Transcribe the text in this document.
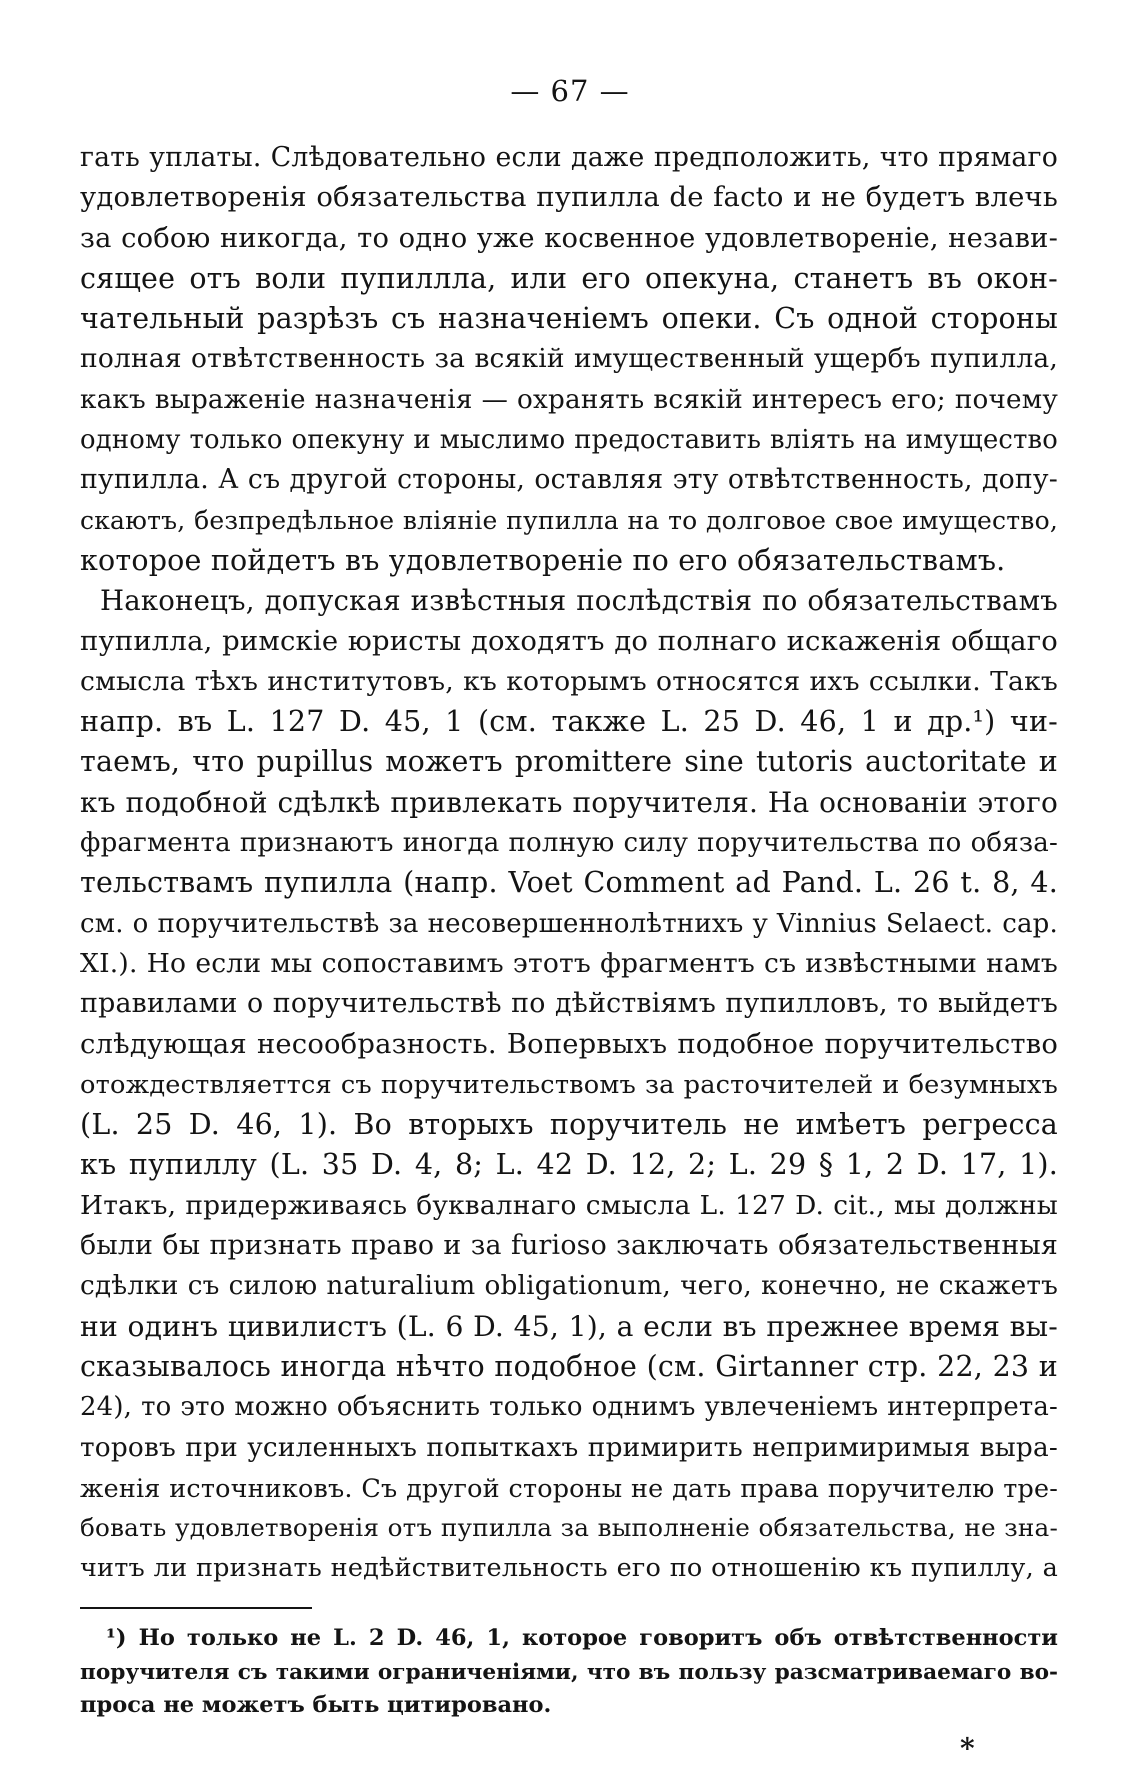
— 67 —
гать уплаты. Слѣдовательно если даже предположить, что прямаго
удовлетворенія обязательства пупилла de facto и не будетъ влечь
за собою никогда, то одно уже косвенное удовлетвореніе, незави-
сящее отъ воли пупиллла, или его опекуна, станетъ въ окон-
чательный разрѣзъ съ назначеніемъ опеки. Съ одной стороны
полная отвѣтственность за всякій имущественный ущербъ пупилла,
какъ выраженіе назначенія — охранять всякій интересъ его; почему
одному только опекуну и мыслимо предоставить вліять на имущество
пупилла. А съ другой стороны, оставляя эту отвѣтственность, допу-
скаютъ, безпредѣльное вліяніе пупилла на то долговое свое имущество,
которое пойдетъ въ удовлетвореніе по его обязательствамъ.
Наконецъ, допуская извѣстныя послѣдствія по обязательствамъ
пупилла, римскіе юристы доходятъ до полнаго искаженія общаго
смысла тѣхъ институтовъ, къ которымъ относятся ихъ ссылки. Такъ
напр. въ L. 127 D. 45, 1 (см. также L. 25 D. 46, 1 и др.¹) чи-
таемъ, что pupillus можетъ promittere sine tutoris auctoritate и
къ подобной сдѣлкѣ привлекать поручителя. На основаніи этого
фрагмента признаютъ иногда полную силу поручительства по обяза-
тельствамъ пупилла (напр. Voet Comment ad Pand. L. 26 t. 8, 4.
см. о поручительствѣ за несовершеннолѣтнихъ у Vinnius Selaect. cap.
XI.). Но если мы сопоставимъ этотъ фрагментъ съ извѣстными намъ
правилами о поручительствѣ по дѣйствіямъ пупилловъ, то выйдетъ
слѣдующая несообразность. Вопервыхъ подобное поручительство
отождествляеттся съ поручительствомъ за расточителей и безумныхъ
(L. 25 D. 46, 1). Во вторыхъ поручитель не имѣетъ регресса
къ пупиллу (L. 35 D. 4, 8; L. 42 D. 12, 2; L. 29 § 1, 2 D. 17, 1).
Итакъ, придерживаясь буквалнаго смысла L. 127 D. cit., мы должны
были бы признать право и за furioso заключать обязательственныя
сдѣлки съ силою naturalium obligationum, чего, конечно, не скажетъ
ни одинъ цивилистъ (L. 6 D. 45, 1), а если въ прежнее время вы-
сказывалось иногда нѣчто подобное (см. Girtanner стр. 22, 23 и
24), то это можно объяснить только однимъ увлеченіемъ интерпрета-
торовъ при усиленныхъ попыткахъ примирить непримиримыя выра-
женія источниковъ. Съ другой стороны не дать права поручителю тре-
бовать удовлетворенія отъ пупилла за выполненіе обязательства, не зна-
читъ ли признать недѣйствительность его по отношенію къ пупиллу, а
¹) Но только не L. 2 D. 46, 1, которое говоритъ объ отвѣтственности
поручителя съ такими ограниченіями, что въ пользу разсматриваемаго во-
проса не можетъ быть цитировано.
*
